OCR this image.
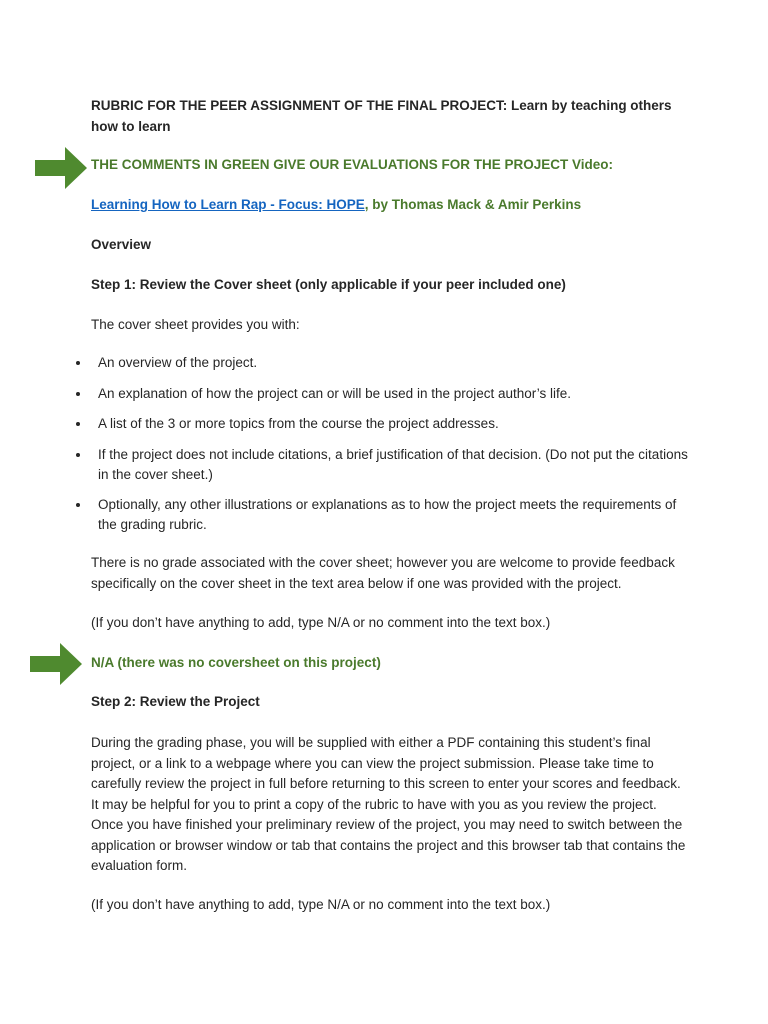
RUBRIC FOR THE PEER ASSIGNMENT OF THE FINAL PROJECT: Learn by teaching others how to learn

THE COMMENTS IN GREEN GIVE OUR EVALUATIONS FOR THE PROJECT Video:

Learning How to Learn Rap - Focus: HOPE, by Thomas Mack & Amir Perkins

Overview

Step 1: Review the Cover sheet (only applicable if your peer included one)

The cover sheet provides you with:

An overview of the project.
An explanation of how the project can or will be used in the project author’s life.
A list of the 3 or more topics from the course the project addresses.
If the project does not include citations, a brief justification of that decision. (Do not put the citations in the cover sheet.)
Optionally, any other illustrations or explanations as to how the project meets the requirements of the grading rubric.

There is no grade associated with the cover sheet; however you are welcome to provide feedback specifically on the cover sheet in the text area below if one was provided with the project.

(If you don’t have anything to add, type N/A or no comment into the text box.)

N/A (there was no coversheet on this project)

Step 2: Review the Project

During the grading phase, you will be supplied with either a PDF containing this student’s final project, or a link to a webpage where you can view the project submission. Please take time to carefully review the project in full before returning to this screen to enter your scores and feedback. It may be helpful for you to print a copy of the rubric to have with you as you review the project. Once you have finished your preliminary review of the project, you may need to switch between the application or browser window or tab that contains the project and this browser tab that contains the evaluation form.

(If you don’t have anything to add, type N/A or no comment into the text box.)
